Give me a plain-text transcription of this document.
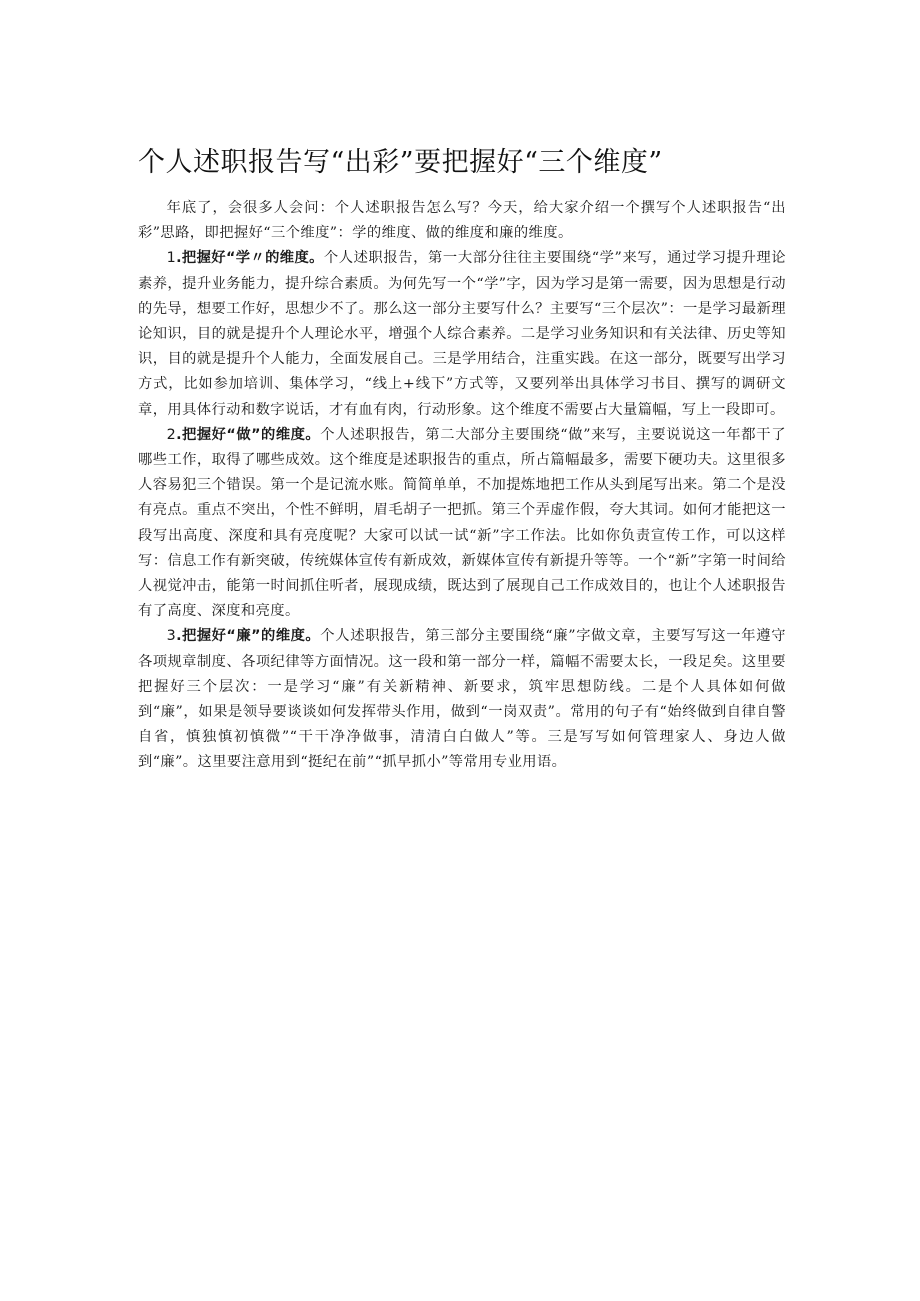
个人述职报告写“出彩”要把握好“三个维度”

年底了，会很多人会问：个人述职报告怎么写？今天，给大家介绍一个撰写个人述职报告“出彩”思路，即把握好“三个维度”：学的维度、做的维度和廉的维度。

1.把握好“学〃的维度。个人述职报告，第一大部分往往主要围绕“学”来写，通过学习提升理论素养，提升业务能力，提升综合素质。为何先写一个“学”字，因为学习是第一需要，因为思想是行动的先导，想要工作好，思想少不了。那么这一部分主要写什么？主要写“三个层次”：一是学习最新理论知识，目的就是提升个人理论水平，增强个人综合素养。二是学习业务知识和有关法律、历史等知识，目的就是提升个人能力，全面发展自己。三是学用结合，注重实践。在这一部分，既要写出学习方式，比如参加培训、集体学习，“线上+线下”方式等，又要列举出具体学习书目、撰写的调研文章，用具体行动和数字说话，才有血有肉，行动形象。这个维度不需要占大量篇幅，写上一段即可。

2.把握好“做”的维度。个人述职报告，第二大部分主要围绕“做”来写，主要说说这一年都干了哪些工作，取得了哪些成效。这个维度是述职报告的重点，所占篇幅最多，需要下硬功夫。这里很多人容易犯三个错误。第一个是记流水账。简简单单，不加提炼地把工作从头到尾写出来。第二个是没有亮点。重点不突出，个性不鲜明，眉毛胡子一把抓。第三个弄虚作假，夸大其词。如何才能把这一段写出高度、深度和具有亮度呢？大家可以试一试“新”字工作法。比如你负责宣传工作，可以这样写：信息工作有新突破，传统媒体宣传有新成效，新媒体宣传有新提升等等。一个“新”字第一时间给人视觉冲击，能第一时间抓住听者，展现成绩，既达到了展现自己工作成效目的，也让个人述职报告有了高度、深度和亮度。

3.把握好“廉”的维度。个人述职报告，第三部分主要围绕“廉”字做文章，主要写写这一年遵守各项规章制度、各项纪律等方面情况。这一段和第一部分一样，篇幅不需要太长，一段足矣。这里要把握好三个层次：一是学习“廉”有关新精神、新要求，筑牢思想防线。二是个人具体如何做到“廉”，如果是领导要谈谈如何发挥带头作用，做到“一岗双责”。常用的句子有“始终做到自律自警自省，慎独慎初慎微”“干干净净做事，清清白白做人”等。三是写写如何管理家人、身边人做到“廉”。这里要注意用到“挺纪在前”“抓早抓小”等常用专业用语。
